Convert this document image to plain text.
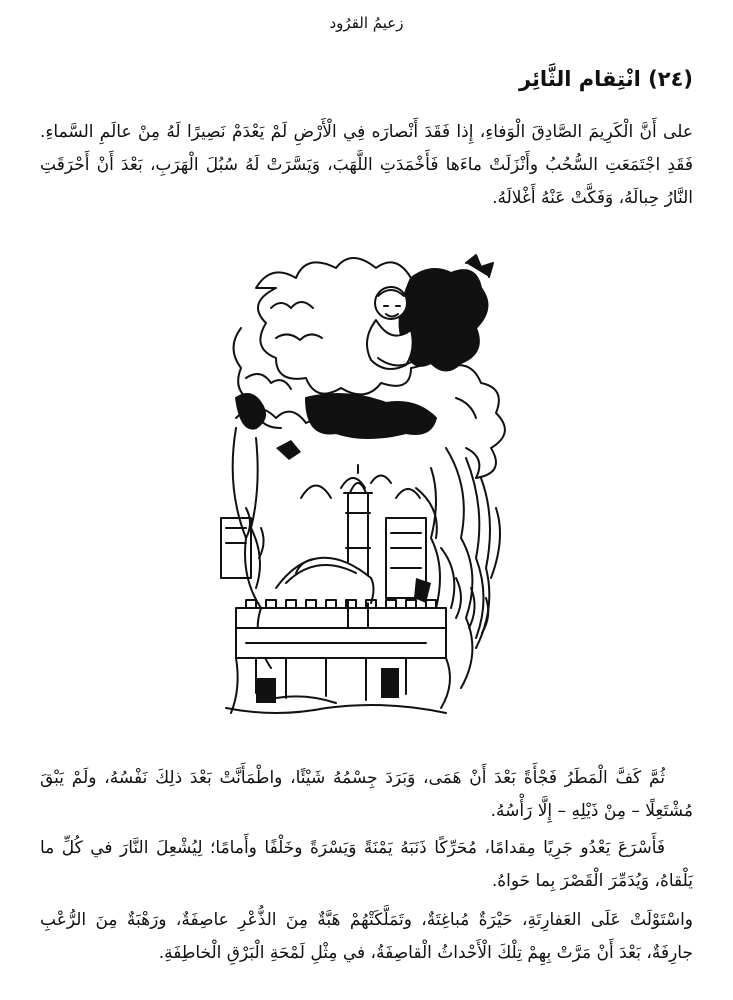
زعيمُ القرُود
(٢٤) انْتِقام الثَّائِر

على أَنَّ الْكَرِيمَ الصَّادِقَ الْوَفاءِ، إِذا فَقَدَ أَنْصارَه فِي الْأَرْضِ لَمْ يَعْدَمْ نَصِيرًا لَهُ مِنْ عالَمِ السَّماءِ. فَقَدِ اجْتَمَعَتِ السُّحُبُ وأَنْزَلَتْ ماءَها فَأَخْمَدَتِ اللَّهَبَ، وَيَسَّرَتْ لَهُ سُبُلَ الْهَرَبِ، بَعْدَ أَنْ أَحْرَقَتِ النَّارُ حِبالَهُ، وَفَكَّتْ عَنْهُ أَغْلالَهُ.

ثُمَّ كَفَّ الْمَطَرُ فَجْأَةً بَعْدَ أَنْ هَمَى، وَبَرَدَ جِسْمُهُ شَيْئًا، واطْمَأَنَّتْ بَعْدَ ذلِكَ نَفْسُهُ، ولَمْ يَبْقَ مُشْتَعِلًا – مِنْ ذَيْلِهِ – إِلَّا رَأْسُهُ.

فَأَسْرَعَ يَعْدُو جَرِيًا مِقدامًا، مُحَرِّكًا ذَنَبَهُ يَمْنَةً وَيَسْرَةً وخَلْفًا وأَمامًا؛ لِيُشْعِلَ النَّارَ في كُلِّ ما يَلْقاهُ، وَيُدَمِّرَ الْقَصْرَ بِما حَواهُ.

واسْتَوْلَتْ عَلَى العَفارِتَةِ، حَيْرَةٌ مُباغِتَةٌ، وتَمَلَّكَتْهُمْ هَبَّةٌ مِنَ الذُّعْرِ عاصِفَةٌ، ورَهْبَةٌ مِنَ الرُّعْبِ جارِفَةٌ، بَعْدَ أَنْ مَرَّتْ بِهِمْ تِلْكَ الْأَحْداثُ الْقاصِفَةُ، في مِثْلِ لَمْحَةِ الْبَرْقِ الْخاطِفَةِ.
